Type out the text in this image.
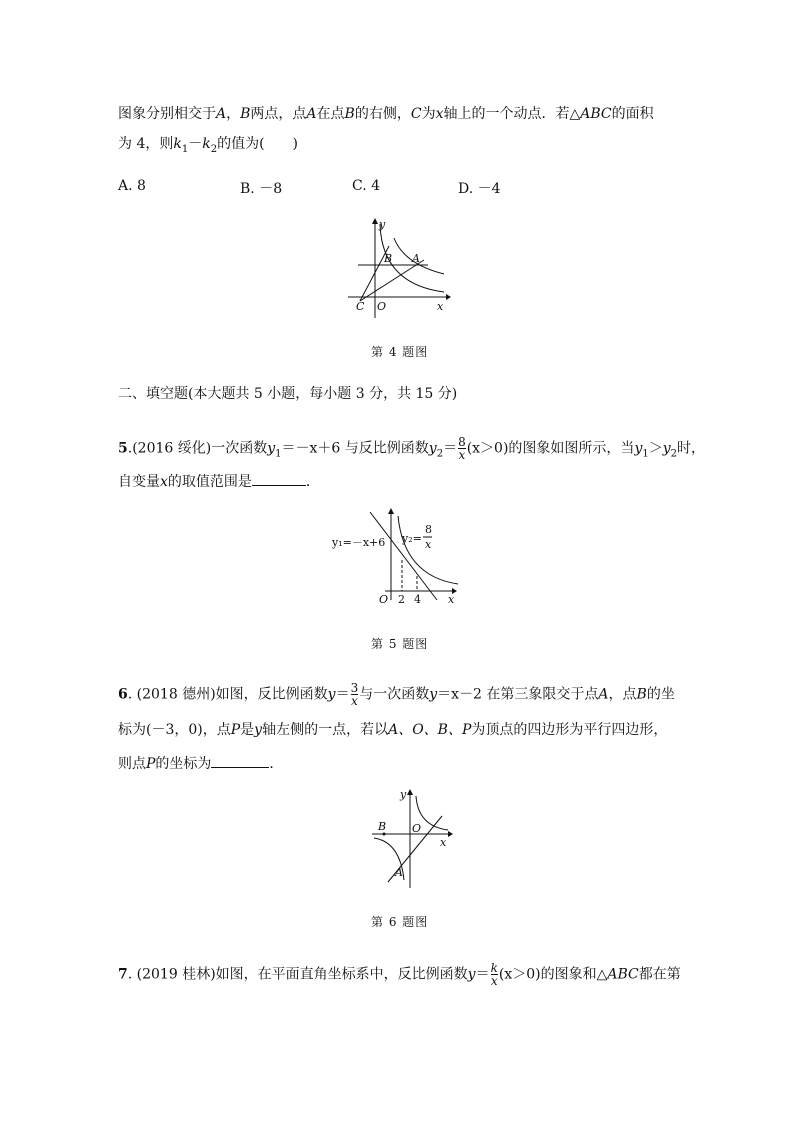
图象分别相交于A，B两点，点A在点B的右侧，C为x轴上的一个动点．若△ABC的面积
为 4，则$k_1-k_2$的值为(　　)
A. 8	B. －8	C. 4	D. －4
y
B A
C O	x
第 4 题图
二、填空题(本大题共 5 小题，每小题 3 分，共 15 分)
5.(2016 绥化)一次函数$y_1=-x+6$ 与反比例函数$y_2= \frac{8}{x} (x>0)$的图象如图所示，当$y_1>y_2$时，
自变量x的取值范围是	．
y₁=－x+6 y₂=
8
x
O 2 4 x
第 5 题图
6. (2018 德州)如图，反比例函数$y= \frac{3}{x}$ 与一次函数y＝x－2 在第三象限交于点A，点B的坐
标为(－3，0)，点P是y轴左侧的一点，若以A、O、B、P为顶点的四边形为平行四边形，
则点P的坐标为	．
y
B O
x
A
第 6 题图
7. (2019 桂林)如图，在平面直角坐标系中，反比例函数$y= \frac{k}{x} (x>0)$的图象和△ABC都在第
